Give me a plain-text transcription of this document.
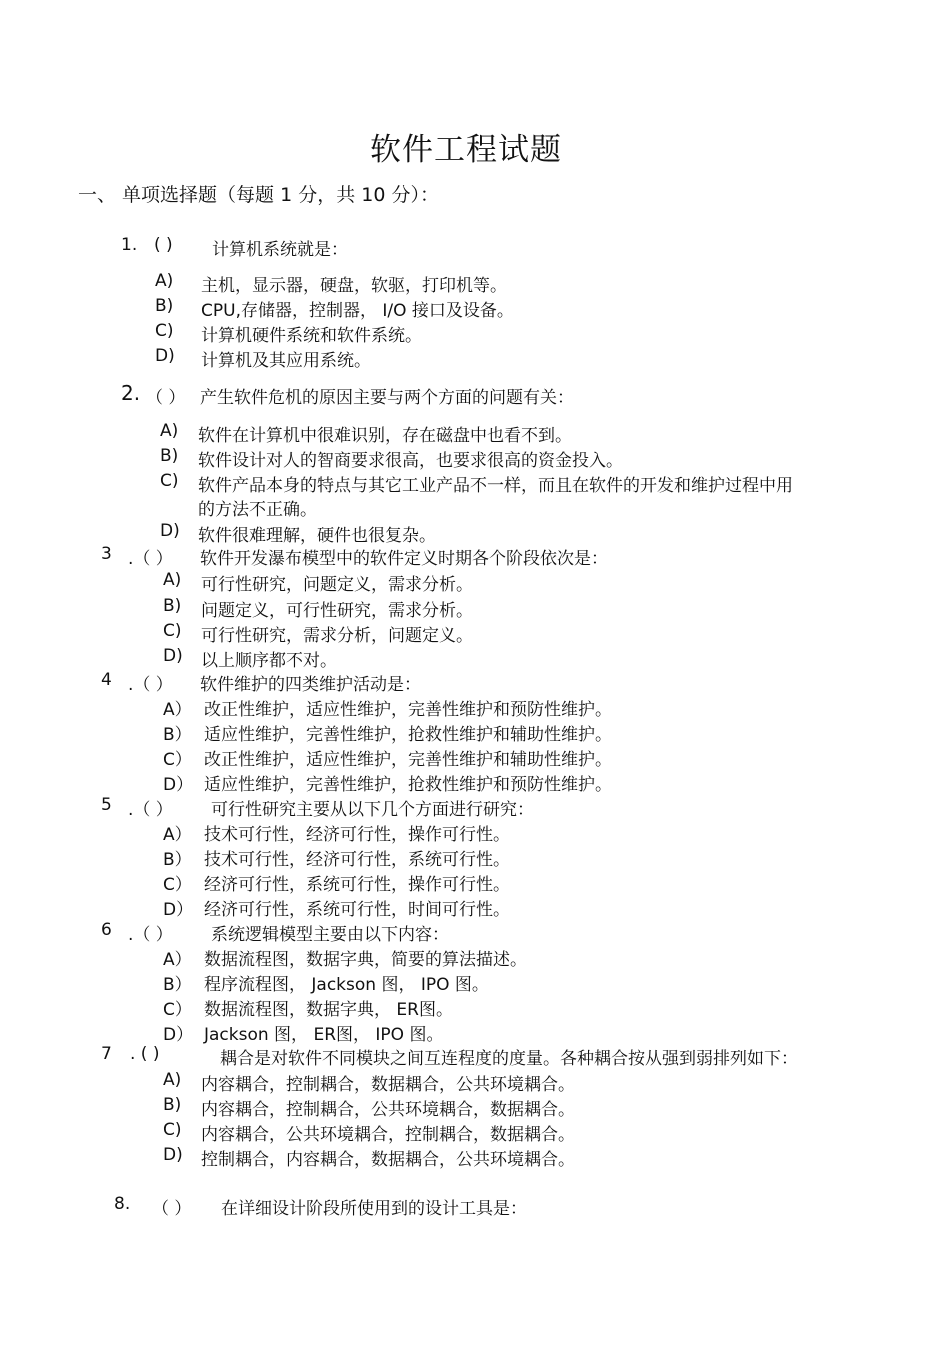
软件工程试题
一、 单项选择题（每题 1 分，共 10 分）：
1. ( ) 计算机系统就是：
A) 主机，显示器，硬盘，软驱，打印机等。
B) CPU,存储器，控制器， I/O 接口及设备。
C) 计算机硬件系统和软件系统。
D) 计算机及其应用系统。
2. （ ） 产生软件危机的原因主要与两个方面的问题有关：
A) 软件在计算机中很难识别，存在磁盘中也看不到。
B) 软件设计对人的智商要求很高，也要求很高的资金投入。
C) 软件产品本身的特点与其它工业产品不一样，而且在软件的开发和维护过程中用
的方法不正确。
D) 软件很难理解，硬件也很复杂。
3 .（ ） 软件开发瀑布模型中的软件定义时期各个阶段依次是：
A) 可行性研究，问题定义，需求分析。
B) 问题定义，可行性研究，需求分析。
C) 可行性研究，需求分析，问题定义。
D) 以上顺序都不对。
4 .（ ） 软件维护的四类维护活动是：
A） 改正性维护，适应性维护，完善性维护和预防性维护。
B） 适应性维护，完善性维护，抢救性维护和辅助性维护。
C） 改正性维护，适应性维护，完善性维护和辅助性维护。
D） 适应性维护，完善性维护，抢救性维护和预防性维护。
5 .（ ） 可行性研究主要从以下几个方面进行研究：
A） 技术可行性，经济可行性，操作可行性。
B） 技术可行性，经济可行性，系统可行性。
C） 经济可行性，系统可行性，操作可行性。
D） 经济可行性，系统可行性，时间可行性。
6 .（ ） 系统逻辑模型主要由以下内容：
A） 数据流程图，数据字典，简要的算法描述。
B） 程序流程图， Jackson 图， IPO 图。
C） 数据流程图，数据字典， ER图。
D） Jackson 图， ER图， IPO 图。
7 . ( )	耦合是对软件不同模块之间互连程度的度量。各种耦合按从强到弱排列如下：
A) 内容耦合，控制耦合，数据耦合，公共环境耦合。
B) 内容耦合，控制耦合，公共环境耦合，数据耦合。
C) 内容耦合，公共环境耦合，控制耦合，数据耦合。
D) 控制耦合，内容耦合，数据耦合，公共环境耦合。
8. （ ） 在详细设计阶段所使用到的设计工具是：
